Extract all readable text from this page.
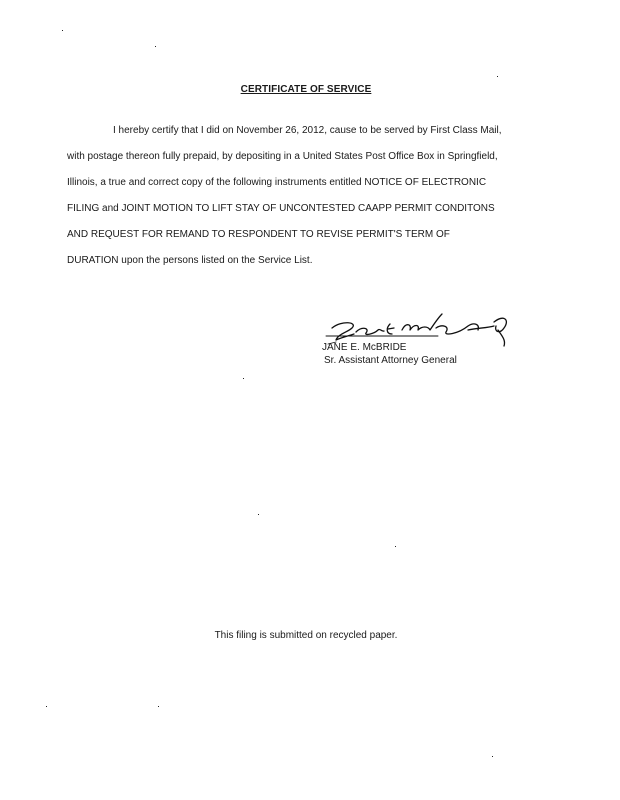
CERTIFICATE OF SERVICE
I hereby certify that I did on November 26, 2012, cause to be served by First Class Mail,
with postage thereon fully prepaid, by depositing in a United States Post Office Box in Springfield,
Illinois, a true and correct copy of the following instruments entitled NOTICE OF ELECTRONIC
FILING and JOINT MOTION TO LIFT STAY OF UNCONTESTED CAAPP PERMIT CONDITONS
AND REQUEST FOR REMAND TO RESPONDENT TO REVISE PERMIT'S TERM OF
DURATION upon the persons listed on the Service List.
JANE E. McBRIDE
Sr. Assistant Attorney General
This filing is submitted on recycled paper.
